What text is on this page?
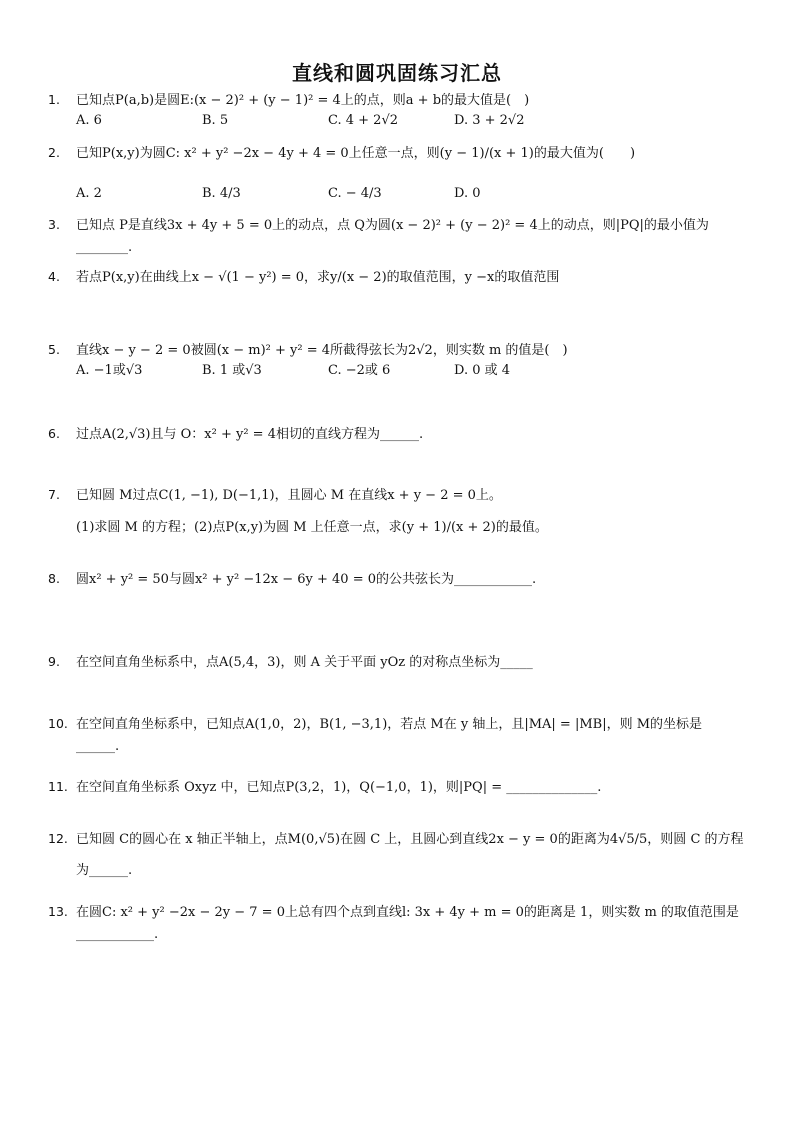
直线和圆巩固练习汇总
1.	已知点P(a,b)是圆E:(x − 2)² + (y − 1)² = 4上的点，则a + b的最大值是(　)
A. 6	B. 5	C. 4 + 2√2	D. 3 + 2√2
2.	已知P(x,y)为圆C: x² + y² −2x − 4y + 4 = 0上任意一点，则(y − 1)/(x + 1)的最大值为(　　)
A. 2	B. 4/3	C. − 4/3	D. 0
3.	已知点 P是直线3x + 4y + 5 = 0上的动点，点 Q为圆(x − 2)² + (y − 2)² = 4上的动点，则|PQ|的最小值为
________.
4.	若点P(x,y)在曲线上x − √(1 − y²) = 0，求y/(x − 2)的取值范围，y −x的取值范围
5.	直线x − y − 2 = 0被圆(x − m)² + y² = 4所截得弦长为2√2，则实数 m 的值是(　)
A. −1或√3	B. 1 或√3	C. −2或 6	D. 0 或 4
6.	过点A(2,√3)且与 O：x² + y² = 4相切的直线方程为______.
7.	已知圆 M过点C(1, −1), D(−1,1)，且圆心 M 在直线x + y − 2 = 0上。
(1)求圆 M 的方程；(2)点P(x,y)为圆 M 上任意一点，求(y + 1)/(x + 2)的最值。
8.	圆x² + y² = 50与圆x² + y² −12x − 6y + 40 = 0的公共弦长为____________.
9.	在空间直角坐标系中，点A(5,4，3)，则 A 关于平面 yOz 的对称点坐标为_____
10. 在空间直角坐标系中，已知点A(1,0，2)，B(1, −3,1)，若点 M在 y 轴上，且|MA| = |MB|，则 M的坐标是
______.
11. 在空间直角坐标系 Oxyz 中，已知点P(3,2，1)，Q(−1,0，1)，则|PQ| = ______________.
12. 已知圆 C的圆心在 x 轴正半轴上，点M(0,√5)在圆 C 上，且圆心到直线2x − y = 0的距离为4√5/5，则圆 C 的方程
为______.
13. 在圆C: x² + y² −2x − 2y − 7 = 0上总有四个点到直线l: 3x + 4y + m = 0的距离是 1，则实数 m 的取值范围是
____________.
